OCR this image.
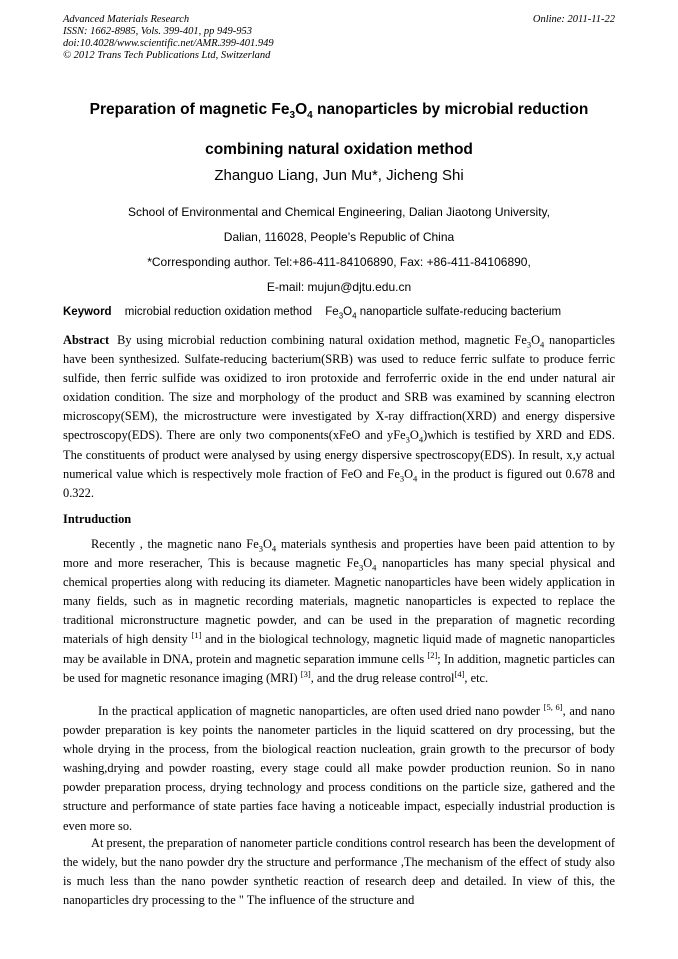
Advanced Materials Research
ISSN: 1662-8985, Vols. 399-401, pp 949-953
doi:10.4028/www.scientific.net/AMR.399-401.949
© 2012 Trans Tech Publications Ltd, Switzerland
Online: 2011-11-22
Preparation of magnetic $Fe_3O_4$ nanoparticles by microbial reduction
combining natural oxidation method
Zhanguo Liang, Jun Mu*, Jicheng Shi
School of Environmental and Chemical Engineering, Dalian Jiaotong University,
Dalian, 116028, People’s Republic of China
*Corresponding author. Tel:+86-411-84106890, Fax: +86-411-84106890,
E-mail: mujun@djtu.edu.cn
Keyword microbial reduction oxidation method $Fe_3O_4$ nanoparticle sulfate-reducing bacterium
Abstract By using microbial reduction combining natural oxidation method, magnetic $Fe_3O_4$ nanoparticles have been synthesized. Sulfate-reducing bacterium(SRB) was used to reduce ferric sulfate to produce ferric sulfide, then ferric sulfide was oxidized to iron protoxide and ferroferric oxide in the end under natural air oxidation condition. The size and morphology of the product and SRB was examined by scanning electron microscopy(SEM), the microstructure were investigated by X-ray diffraction(XRD) and energy dispersive spectroscopy(EDS). There are only two components(xFeO and $yFe_3O_4)which$ is testified by XRD and EDS. The constituents of product were analysed by using energy dispersive spectroscopy(EDS). In result, x,y actual numerical value which is respectively mole fraction of FeO and $Fe_3O_4$ in the product is figured out 0.678 and 0.322.
Intruduction
Recently , the magnetic nano $Fe_3O_4$ materials synthesis and properties have been paid attention to by more and more reseracher, This is because magnetic $Fe_3O_4$ nanoparticles has many special physical and chemical properties along with reducing its diameter. Magnetic nanoparticles have been widely application in many fields, such as in magnetic recording materials, magnetic nanoparticles is expected to replace the traditional micronstructure magnetic powder, and can be used in the preparation of magnetic recording materials of high density [1] and in the biological technology, magnetic liquid made of magnetic nanoparticles may be available in DNA, protein and magnetic separation immune cells [2]; In addition, magnetic particles can be used for magnetic resonance imaging (MRI) [3], and the drug release control[4], etc.
In the practical application of magnetic nanoparticles, are often used dried nano powder [5, 6], and nano powder preparation is key points the nanometer particles in the liquid scattered on dry processing, but the whole drying in the process, from the biological reaction nucleation, grain growth to the precursor of body washing,drying and powder roasting, every stage could all make powder production reunion. So in nano powder preparation process, drying technology and process conditions on the particle size, gathered and the structure and performance of state parties face having a noticeable impact, especially industrial production is even more so.
At present, the preparation of nanometer particle conditions control research has been the development of the widely, but the nano powder dry the structure and performance ,The mechanism of the effect of study also is much less than the nano powder synthetic reaction of research deep and detailed. In view of this, the nanoparticles dry processing to the " The influence of the structure and
